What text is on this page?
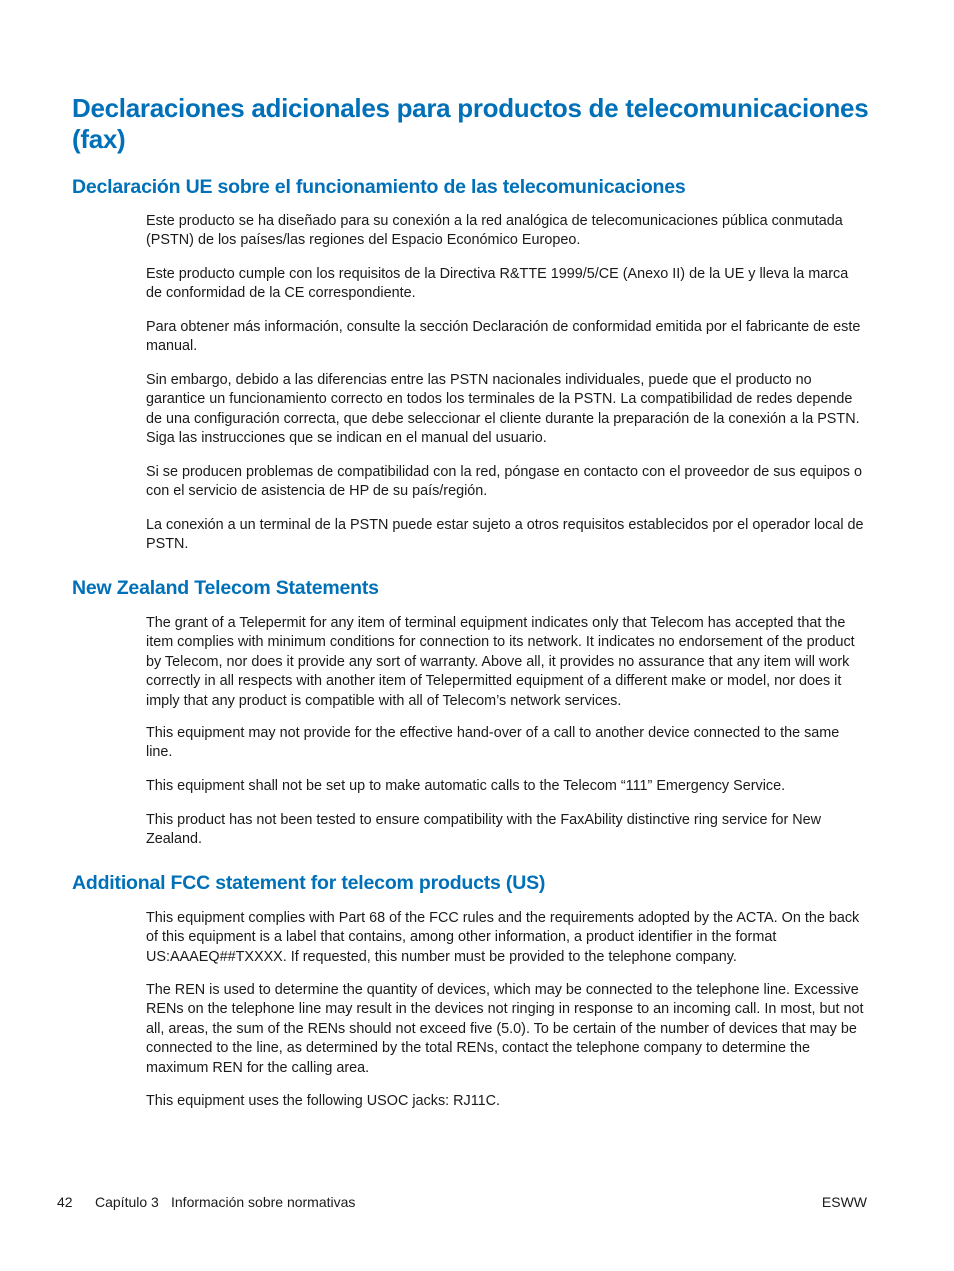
Declaraciones adicionales para productos de telecomunicaciones (fax)
Declaración UE sobre el funcionamiento de las telecomunicaciones

Este producto se ha diseñado para su conexión a la red analógica de telecomunicaciones pública conmutada (PSTN) de los países/las regiones del Espacio Económico Europeo.

Este producto cumple con los requisitos de la Directiva R&TTE 1999/5/CE (Anexo II) de la UE y lleva la marca de conformidad de la CE correspondiente.

Para obtener más información, consulte la sección Declaración de conformidad emitida por el fabricante de este manual.

Sin embargo, debido a las diferencias entre las PSTN nacionales individuales, puede que el producto no garantice un funcionamiento correcto en todos los terminales de la PSTN. La compatibilidad de redes depende de una configuración correcta, que debe seleccionar el cliente durante la preparación de la conexión a la PSTN. Siga las instrucciones que se indican en el manual del usuario.

Si se producen problemas de compatibilidad con la red, póngase en contacto con el proveedor de sus equipos o con el servicio de asistencia de HP de su país/región.

La conexión a un terminal de la PSTN puede estar sujeto a otros requisitos establecidos por el operador local de PSTN.

New Zealand Telecom Statements

The grant of a Telepermit for any item of terminal equipment indicates only that Telecom has accepted that the item complies with minimum conditions for connection to its network. It indicates no endorsement of the product by Telecom, nor does it provide any sort of warranty. Above all, it provides no assurance that any item will work correctly in all respects with another item of Telepermitted equipment of a different make or model, nor does it imply that any product is compatible with all of Telecom’s network services.

This equipment may not provide for the effective hand-over of a call to another device connected to the same line.

This equipment shall not be set up to make automatic calls to the Telecom “111” Emergency Service.

This product has not been tested to ensure compatibility with the FaxAbility distinctive ring service for New Zealand.

Additional FCC statement for telecom products (US)

This equipment complies with Part 68 of the FCC rules and the requirements adopted by the ACTA. On the back of this equipment is a label that contains, among other information, a product identifier in the format US:AAAEQ##TXXXX. If requested, this number must be provided to the telephone company.

The REN is used to determine the quantity of devices, which may be connected to the telephone line. Excessive RENs on the telephone line may result in the devices not ringing in response to an incoming call. In most, but not all, areas, the sum of the RENs should not exceed five (5.0). To be certain of the number of devices that may be connected to the line, as determined by the total RENs, contact the telephone company to determine the maximum REN for the calling area.

This equipment uses the following USOC jacks: RJ11C.

42 Capítulo 3 Información sobre normativas	ESWW
